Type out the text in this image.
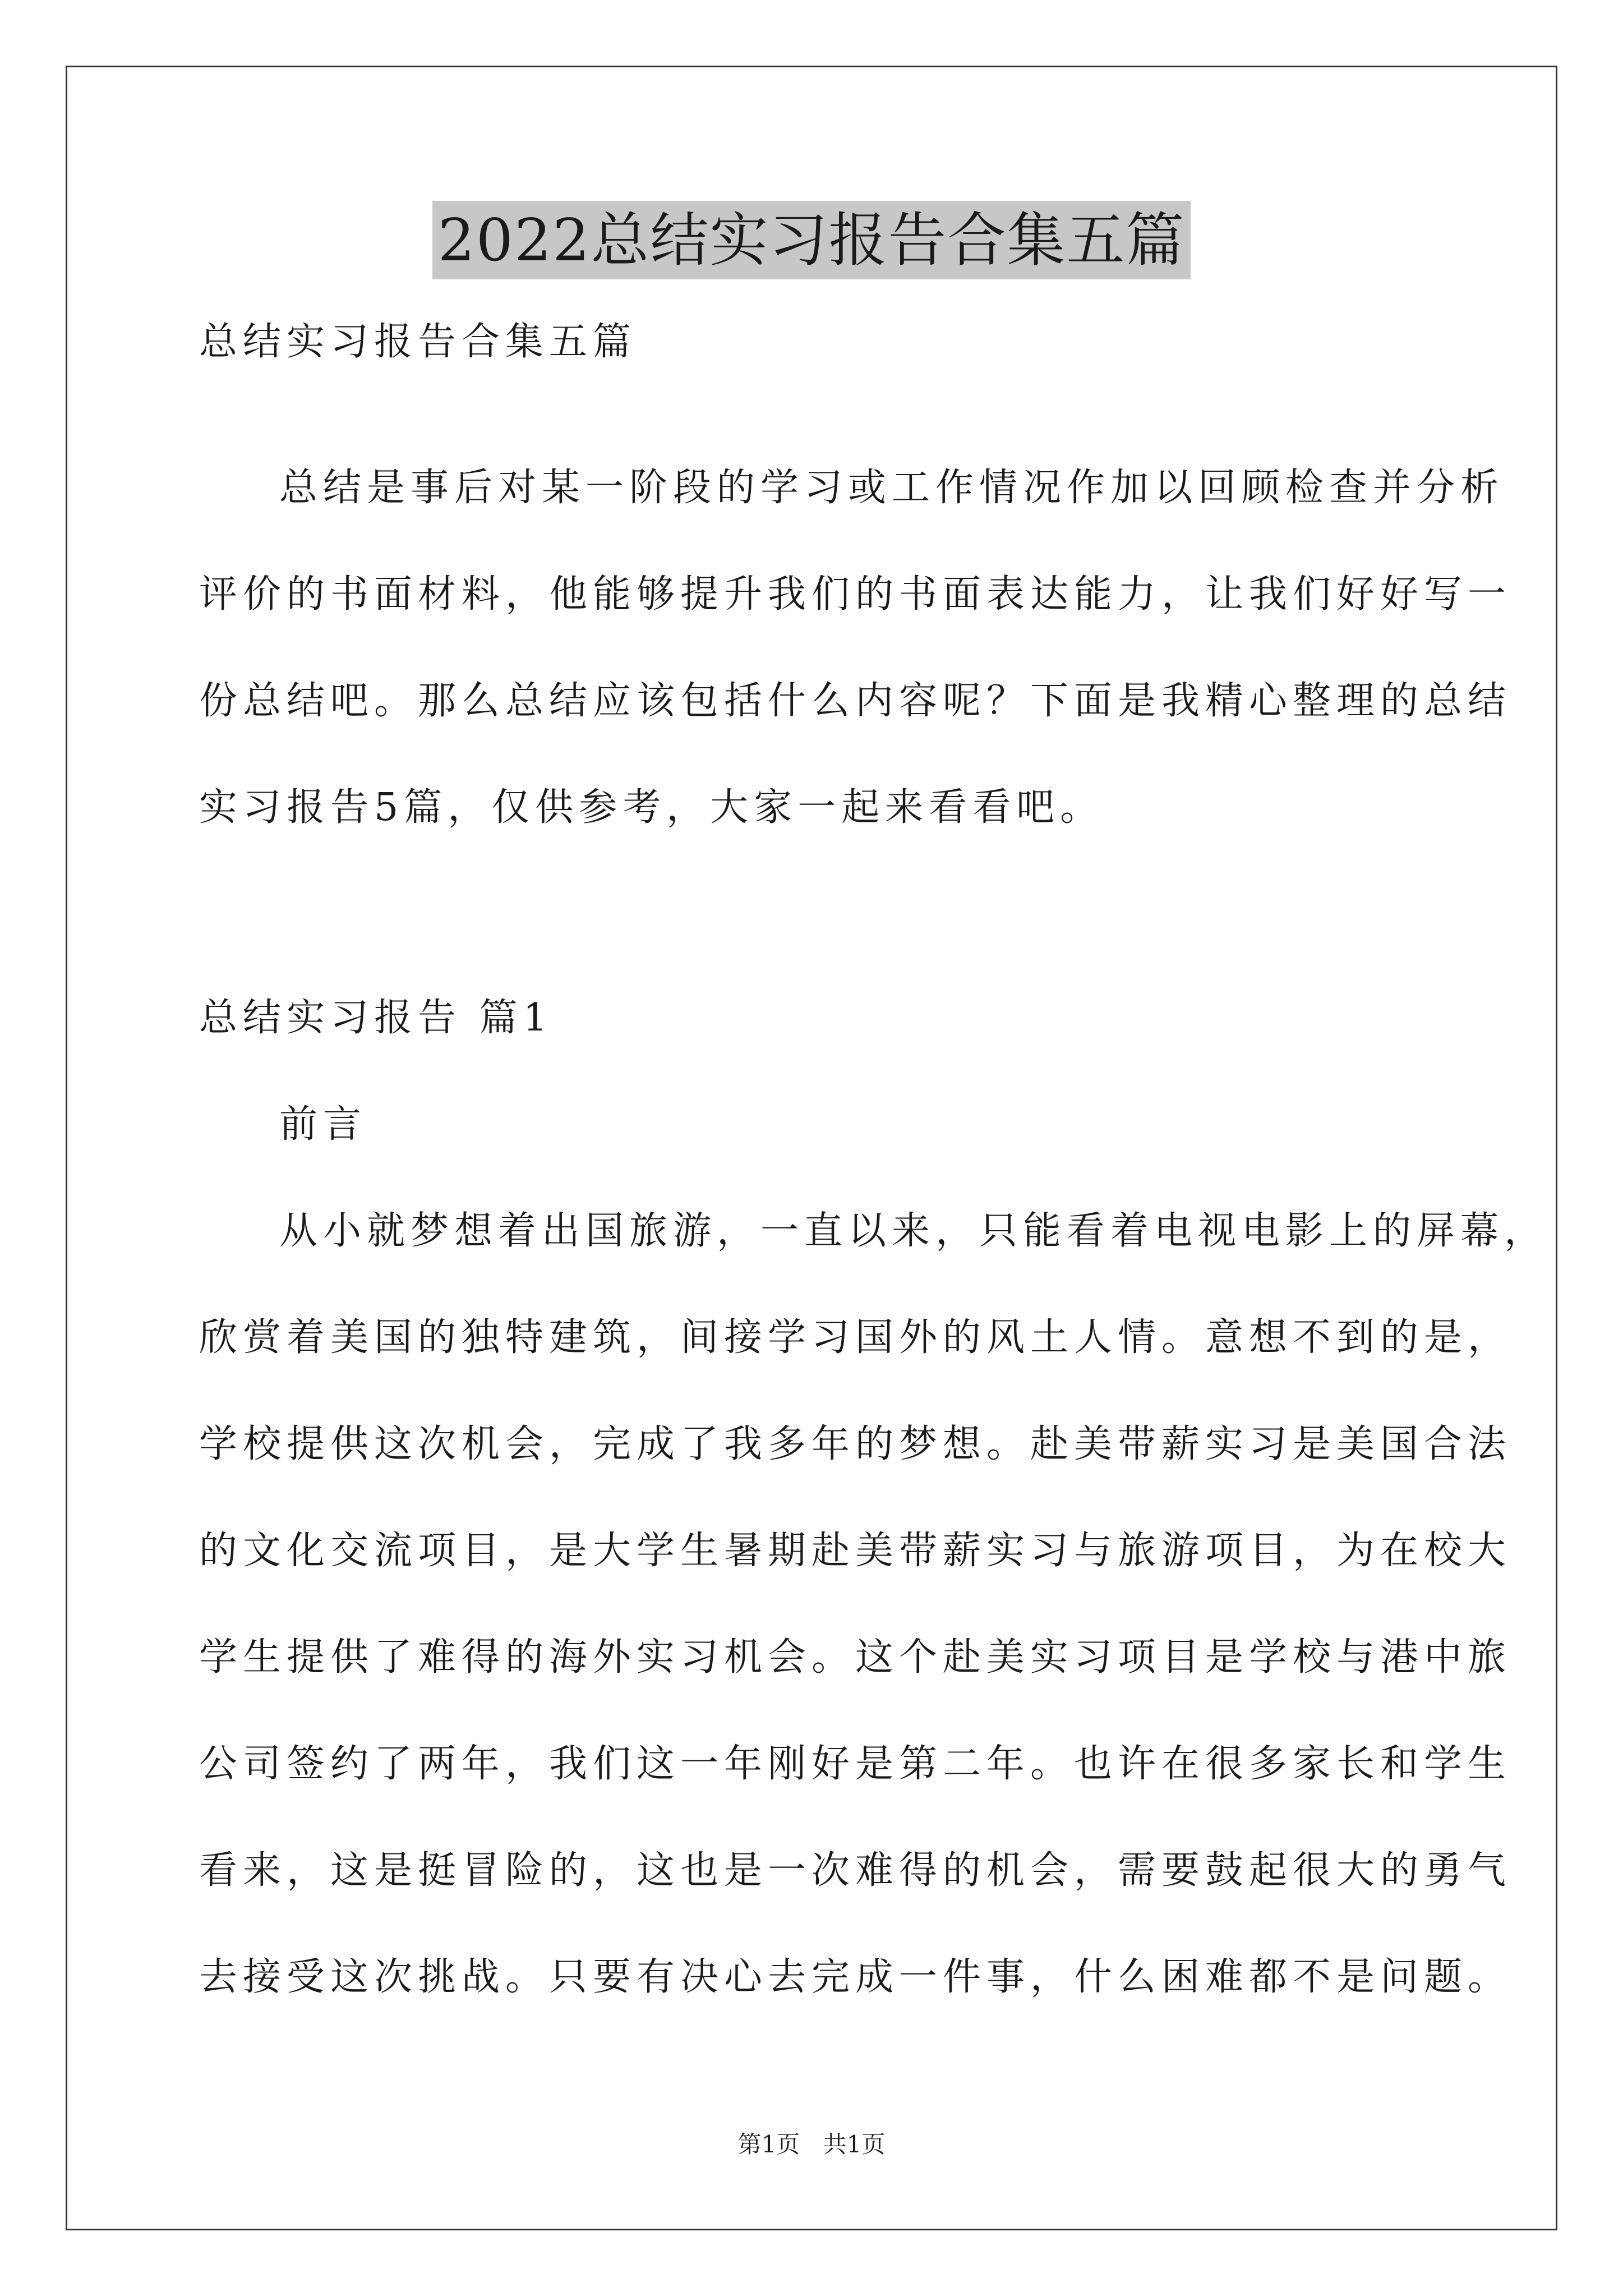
2022总结实习报告合集五篇
总结实习报告合集五篇
总结是事后对某一阶段的学习或工作情况作加以回顾检查并分析
评价的书面材料，他能够提升我们的书面表达能力，让我们好好写一
份总结吧。那么总结应该包括什么内容呢？下面是我精心整理的总结
实习报告5篇，仅供参考，大家一起来看看吧。
总结实习报告 篇1
前言
从小就梦想着出国旅游，一直以来，只能看着电视电影上的屏幕，
欣赏着美国的独特建筑，间接学习国外的风土人情。意想不到的是，
学校提供这次机会，完成了我多年的梦想。赴美带薪实习是美国合法
的文化交流项目，是大学生暑期赴美带薪实习与旅游项目，为在校大
学生提供了难得的海外实习机会。这个赴美实习项目是学校与港中旅
公司签约了两年，我们这一年刚好是第二年。也许在很多家长和学生
看来，这是挺冒险的，这也是一次难得的机会，需要鼓起很大的勇气
去接受这次挑战。只要有决心去完成一件事，什么困难都不是问题。
第1页 共1页
